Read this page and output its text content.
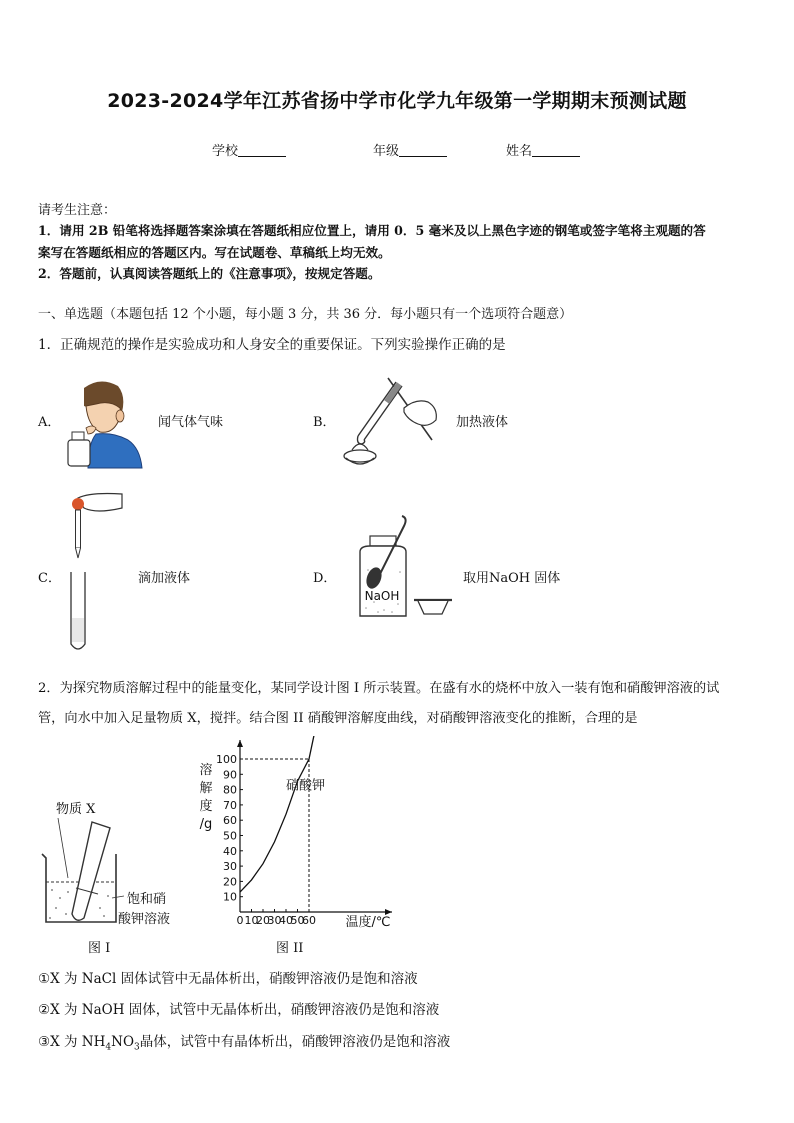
2023-2024学年江苏省扬中学市化学九年级第一学期期末预测试题
学校	年级	姓名
请考生注意：
1．请用 2B 铅笔将选择题答案涂填在答题纸相应位置上，请用 0．5 毫米及以上黑色字迹的钢笔或签字笔将主观题的答
案写在答题纸相应的答题区内。写在试题卷、草稿纸上均无效。
2．答题前，认真阅读答题纸上的《注意事项》，按规定答题。
一、单选题（本题包括 12 个小题，每小题 3 分，共 36 分．每小题只有一个选项符合题意）
1．正确规范的操作是实验成功和人身安全的重要保证。下列实验操作正确的是
A．	闻气体气味	B．	加热液体
C．	滴加液体	D．
NaOH
取用NaOH 固体
2．为探究物质溶解过程中的能量变化，某同学设计图 I 所示装置。在盛有水的烧杯中放入一装有饱和硝酸钾溶液的试
管，向水中加入足量物质 X，搅拌。结合图 II 硝酸钾溶解度曲线，对硝酸钾溶液变化的推断，合理的是
物质 X
饱和硝
酸钾溶液
图 I
0 10
20
30
40
50
60
10
20
30
40
50
60
70
80
90
100
溶
解
度
/g
温度/℃
硝酸钾
图 II
①X 为 NaCl 固体试管中无晶体析出，硝酸钾溶液仍是饱和溶液
②X 为 NaOH 固体，试管中无晶体析出，硝酸钾溶液仍是饱和溶液
③X 为 $NH_4NO_3$晶体，试管中有晶体析出，硝酸钾溶液仍是饱和溶液
